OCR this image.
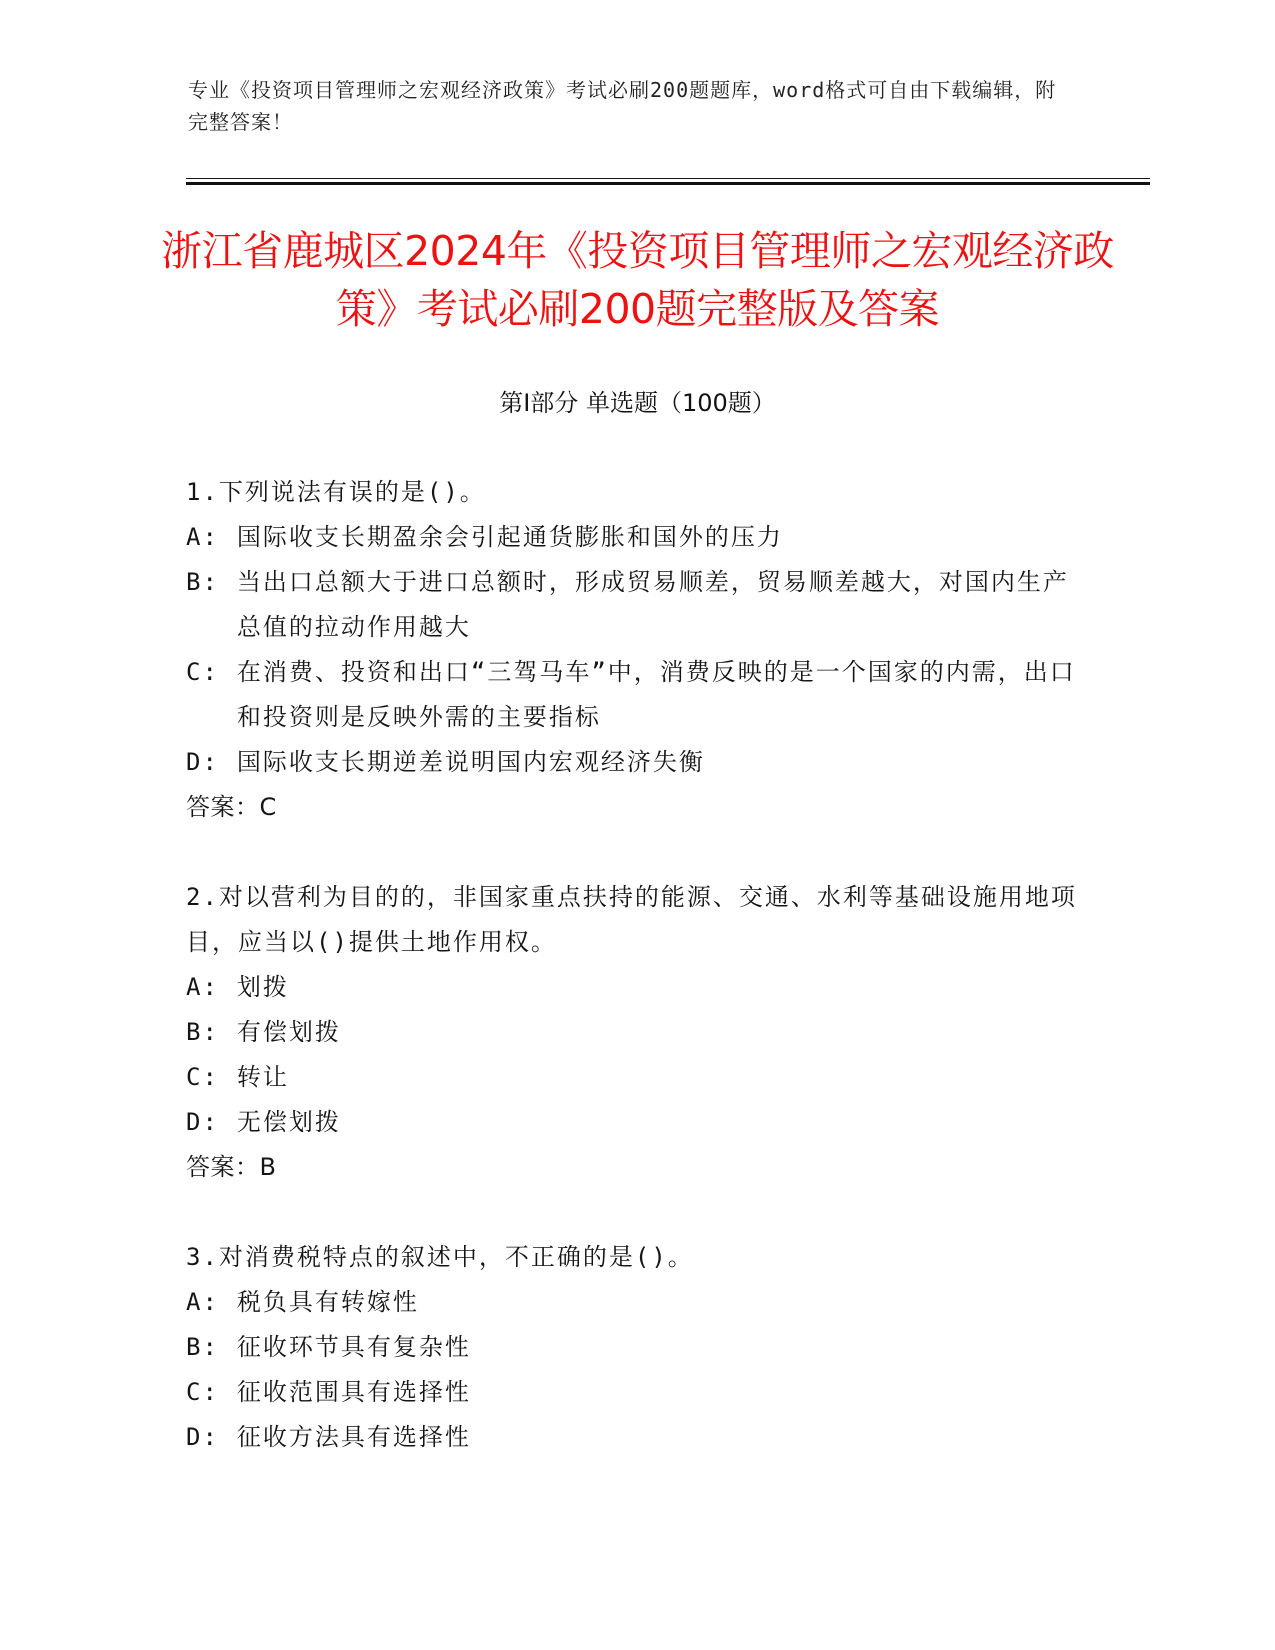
专业《投资项目管理师之宏观经济政策》考试必刷200题题库，word格式可自由下载编辑，附完整答案！
浙江省鹿城区2024年《投资项目管理师之宏观经济政策》考试必刷200题完整版及答案
第Ⅰ部分 单选题（100题）
1.下列说法有误的是()。
A: 国际收支长期盈余会引起通货膨胀和国外的压力
B: 当出口总额大于进口总额时，形成贸易顺差，贸易顺差越大，对国内生产总值的拉动作用越大
C: 在消费、投资和出口“三驾马车”中，消费反映的是一个国家的内需，出口和投资则是反映外需的主要指标
D: 国际收支长期逆差说明国内宏观经济失衡
答案：C
2.对以营利为目的的，非国家重点扶持的能源、交通、水利等基础设施用地项目，应当以()提供土地作用权。
A: 划拨
B: 有偿划拨
C: 转让
D: 无偿划拨
答案：B
3.对消费税特点的叙述中，不正确的是()。
A: 税负具有转嫁性
B: 征收环节具有复杂性
C: 征收范围具有选择性
D: 征收方法具有选择性
